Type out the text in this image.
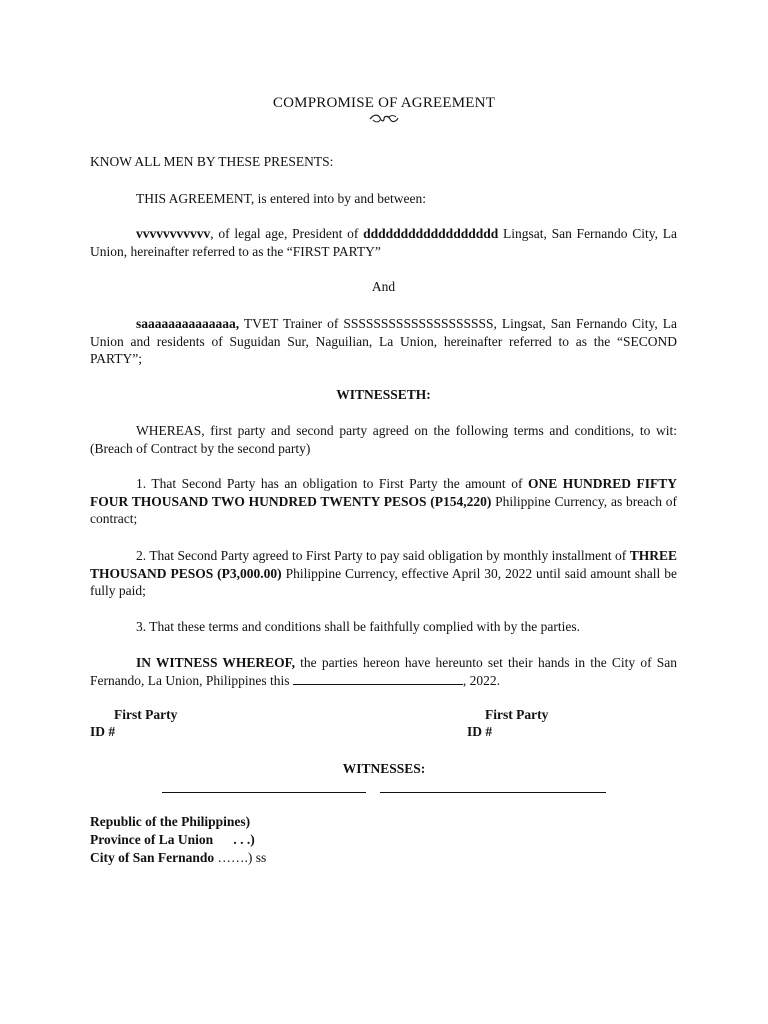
COMPROMISE OF AGREEMENT

KNOW ALL MEN BY THESE PRESENTS:

THIS AGREEMENT, is entered into by and between:

vvvvvvvvvvv, of legal age, President of dddddddddddddddddd Lingsat, San Fernando City, La Union, hereinafter referred to as the “FIRST PARTY”

And

saaaaaaaaaaaaaa, TVET Trainer of SSSSSSSSSSSSSSSSSSSS, Lingsat, San Fernando City, La Union and residents of Suguidan Sur, Naguilian, La Union, hereinafter referred to as the “SECOND PARTY”;

WITNESSETH:

WHEREAS, first party and second party agreed on the following terms and conditions, to wit: (Breach of Contract by the second party)

1. That Second Party has an obligation to First Party the amount of ONE HUNDRED FIFTY FOUR THOUSAND TWO HUNDRED TWENTY PESOS (P154,220) Philippine Currency, as breach of contract;

2. That Second Party agreed to First Party to pay said obligation by monthly installment of THREE THOUSAND PESOS (P3,000.00) Philippine Currency, effective April 30, 2022 until said amount shall be fully paid;

3. That these terms and conditions shall be faithfully complied with by the parties.

IN WITNESS WHEREOF, the parties hereon have hereunto set their hands in the City of San Fernando, La Union, Philippines this	, 2022.

First Party
ID #
First Party
ID #
WITNESSES:
Republic of the Philippines)
Province of La Union      . . .)
City of San Fernando …….) ss
